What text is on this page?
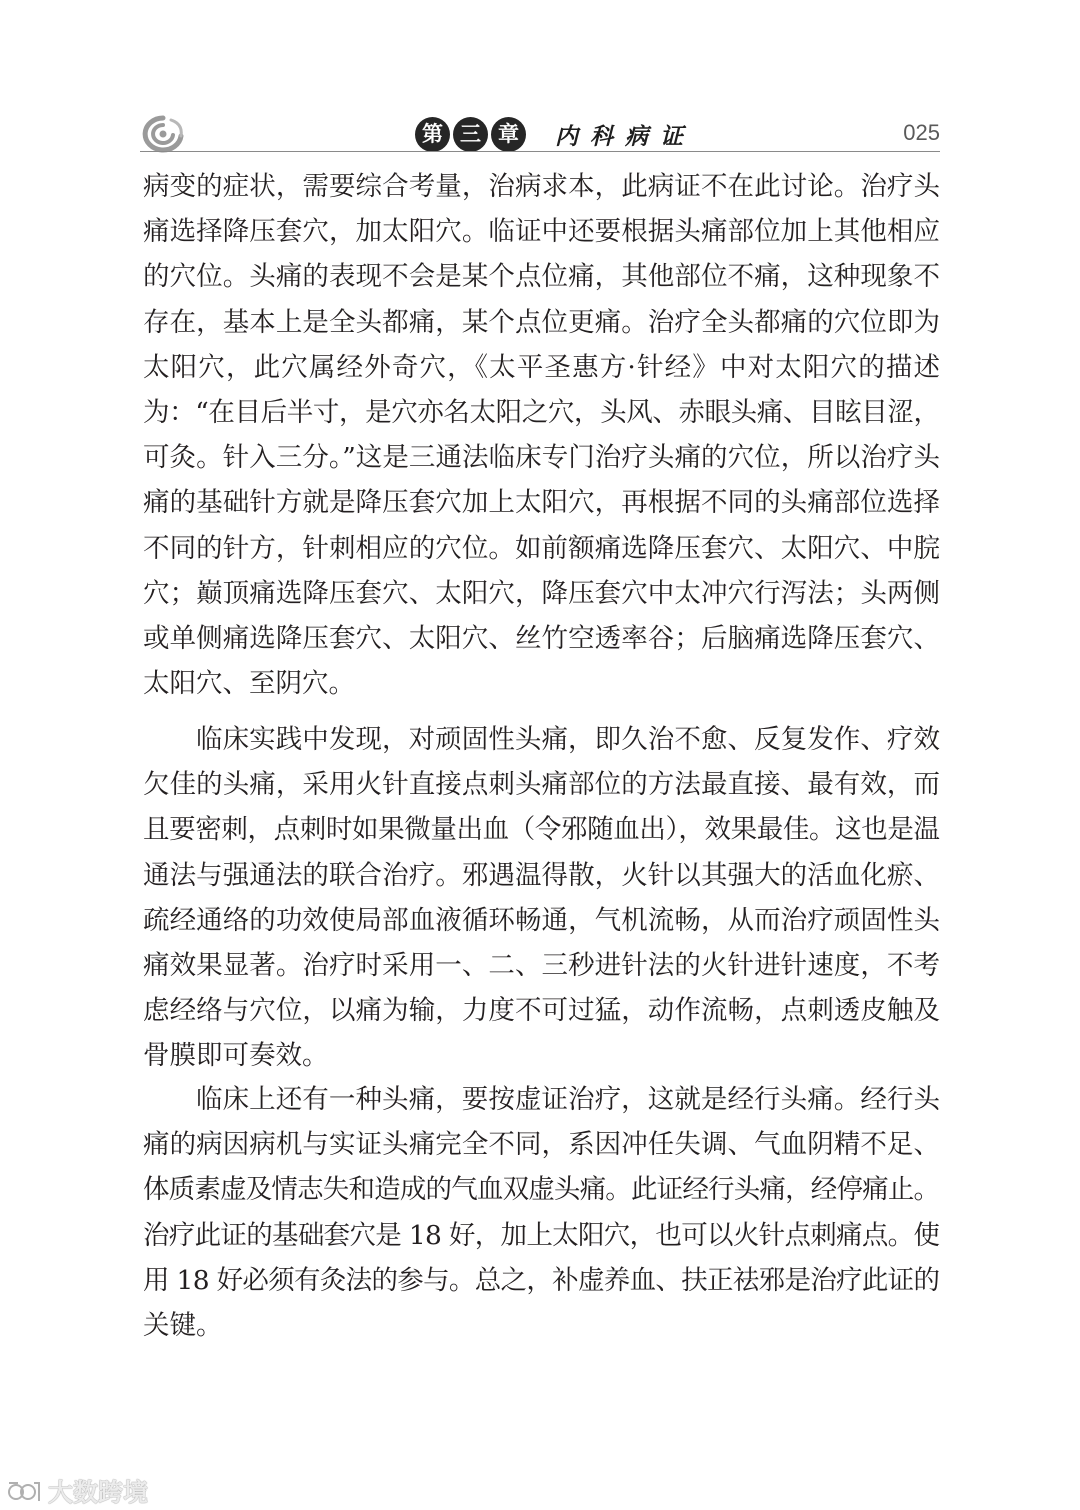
第 三 章	内科病证	025
病变的症状，需要综合考量，治病求本，此病证不在此讨论。治疗头
痛选择降压套穴，加太阳穴。临证中还要根据头痛部位加上其他相应
的穴位。头痛的表现不会是某个点位痛，其他部位不痛，这种现象不
存在，基本上是全头都痛，某个点位更痛。治疗全头都痛的穴位即为
太阳穴，此穴属经外奇穴，《太平圣惠方·针经》中对太阳穴的描述
为：“在目后半寸，是穴亦名太阳之穴，头风、赤眼头痛、目眩目涩，
可灸。针入三分。”这是三通法临床专门治疗头痛的穴位，所以治疗头
痛的基础针方就是降压套穴加上太阳穴，再根据不同的头痛部位选择
不同的针方，针刺相应的穴位。如前额痛选降压套穴、太阳穴、中脘
穴；巅顶痛选降压套穴、太阳穴，降压套穴中太冲穴行泻法；头两侧
或单侧痛选降压套穴、太阳穴、丝竹空透率谷；后脑痛选降压套穴、
太阳穴、至阴穴。
临床实践中发现，对顽固性头痛，即久治不愈、反复发作、疗效
欠佳的头痛，采用火针直接点刺头痛部位的方法最直接、最有效，而
且要密刺，点刺时如果微量出血（令邪随血出），效果最佳。这也是温
通法与强通法的联合治疗。邪遇温得散，火针以其强大的活血化瘀、
疏经通络的功效使局部血液循环畅通，气机流畅，从而治疗顽固性头
痛效果显著。治疗时采用一、二、三秒进针法的火针进针速度，不考
虑经络与穴位，以痛为输，力度不可过猛，动作流畅，点刺透皮触及
骨膜即可奏效。
临床上还有一种头痛，要按虚证治疗，这就是经行头痛。经行头
痛的病因病机与实证头痛完全不同，系因冲任失调、气血阴精不足、
体质素虚及情志失和造成的气血双虚头痛。此证经行头痛，经停痛止。
治疗此证的基础套穴是 18 好，加上太阳穴，也可以火针点刺痛点。使
用 18 好必须有灸法的参与。总之，补虚养血、扶正祛邪是治疗此证的
关键。
大数跨境
